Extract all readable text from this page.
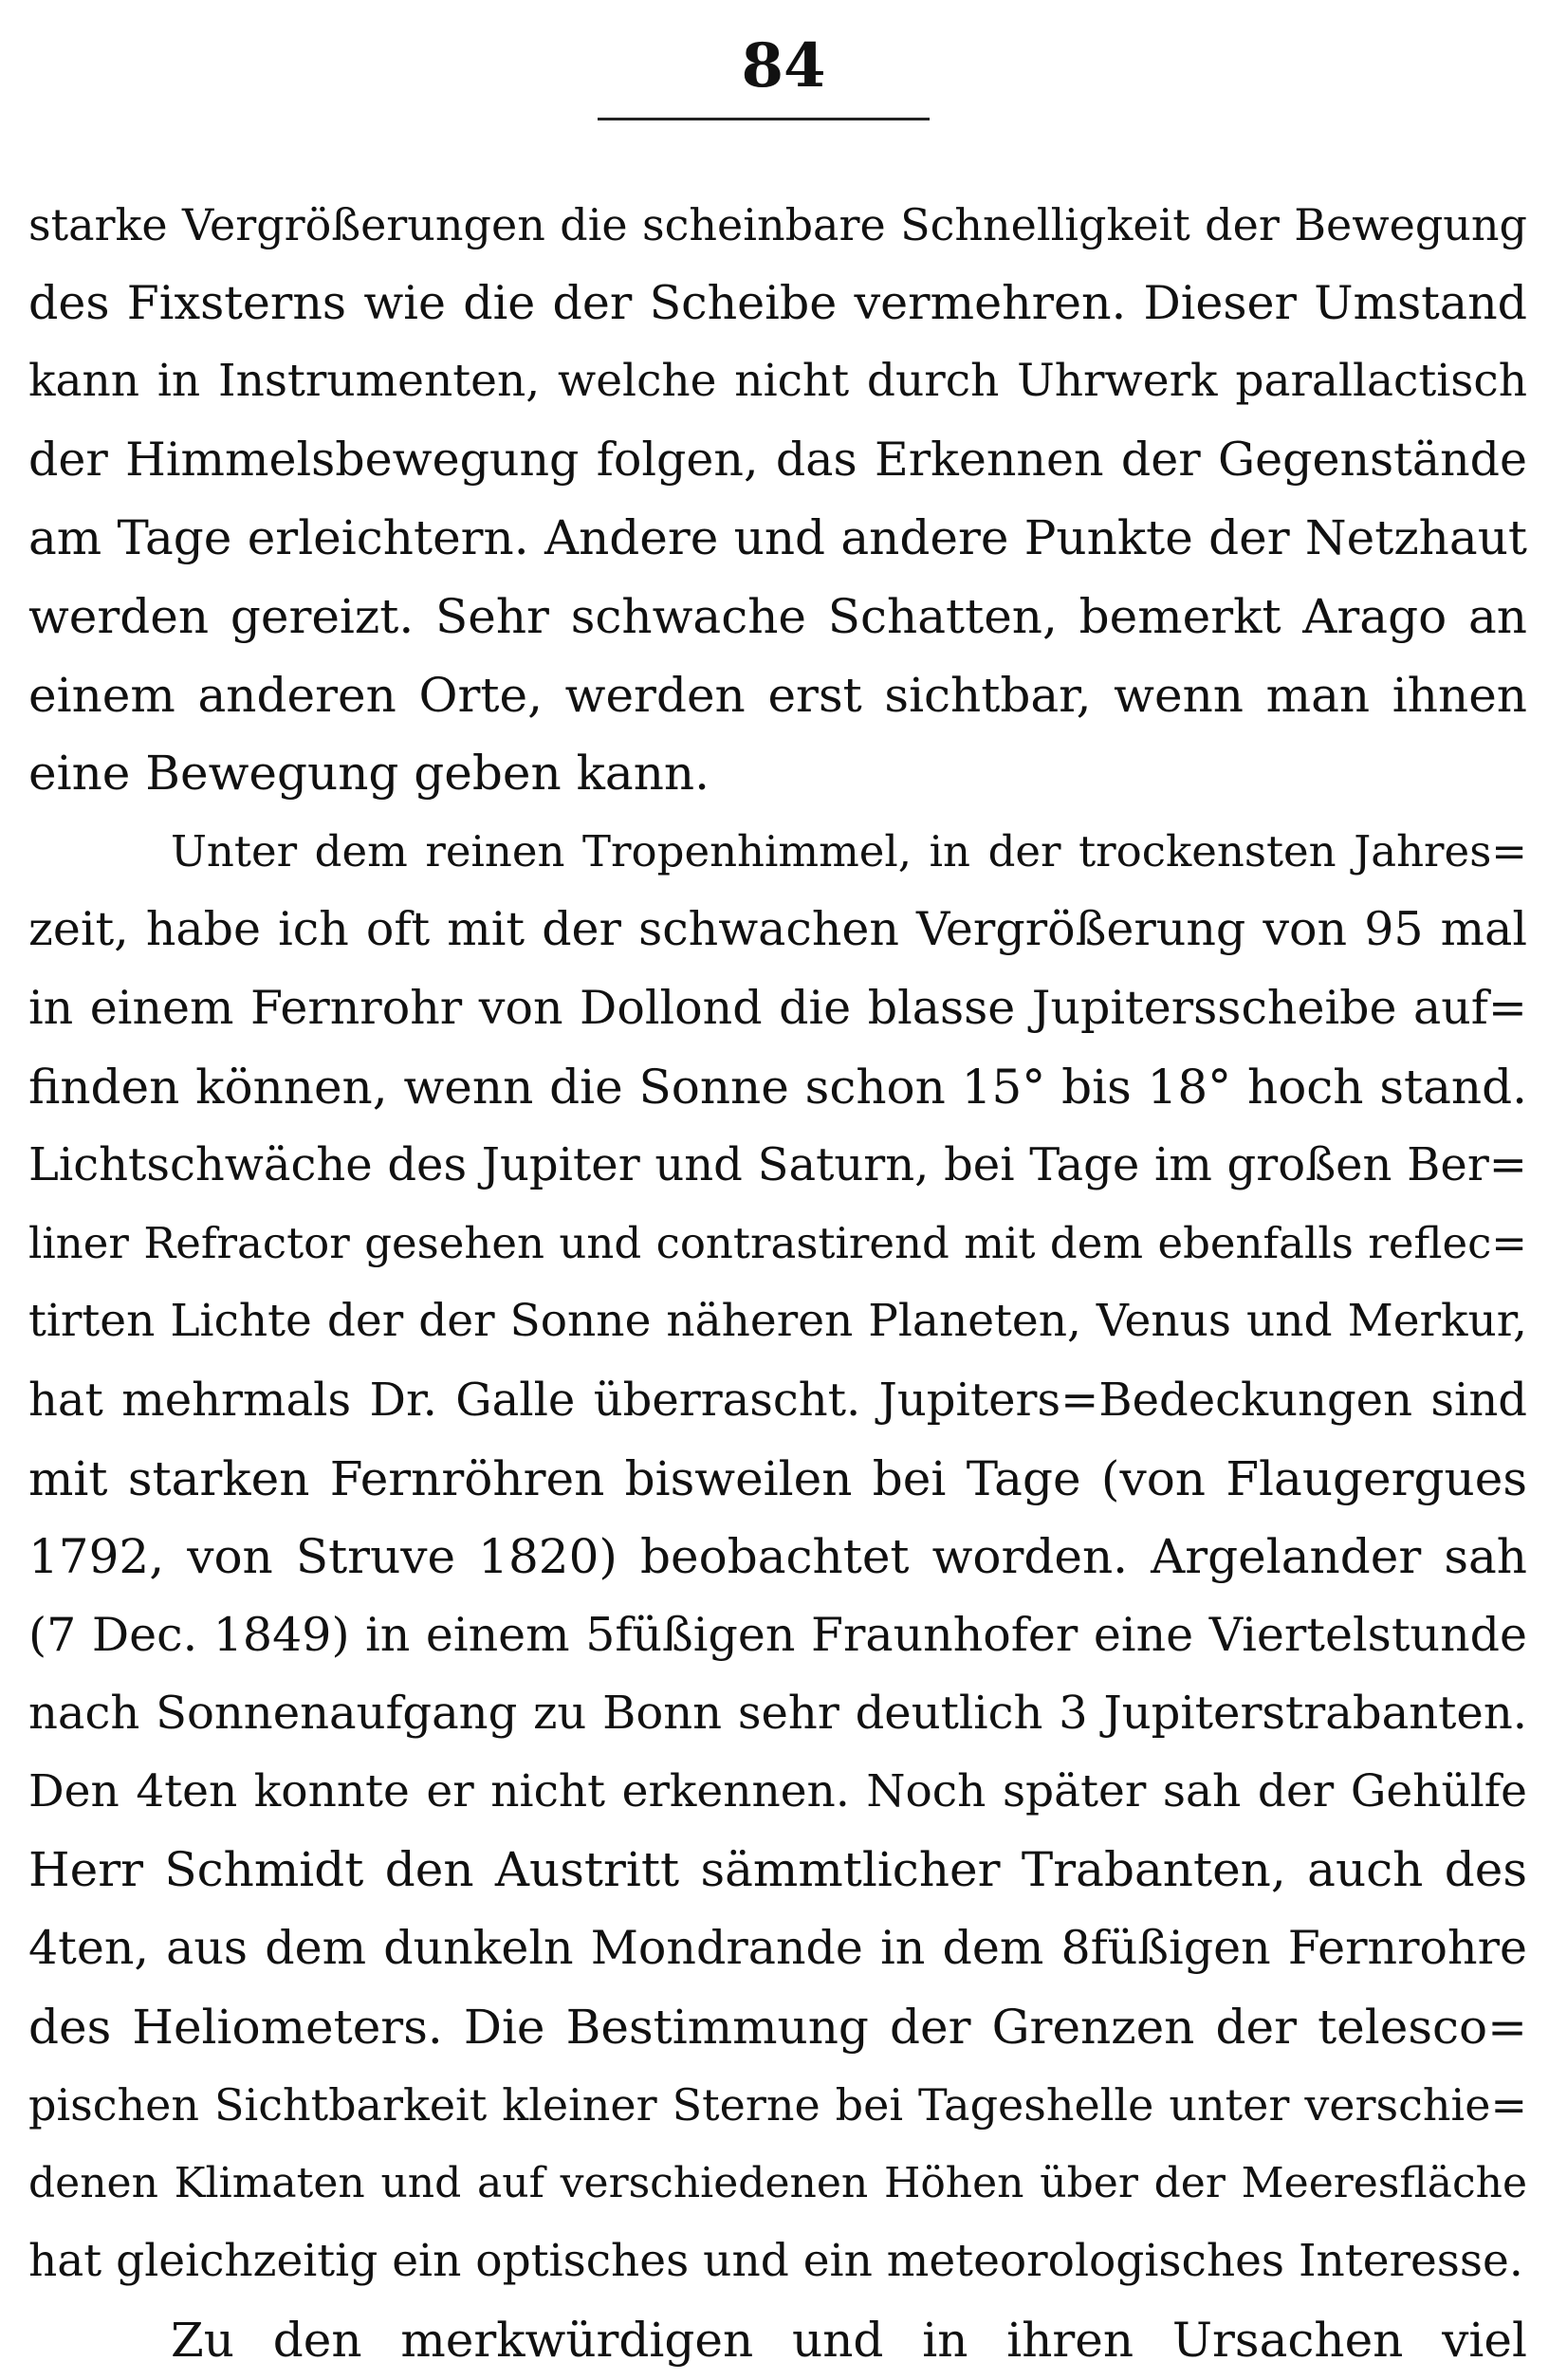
84
starke Vergrößerungen die scheinbare Schnelligkeit der Bewegung
des Fixsterns wie die der Scheibe vermehren. Dieser Umstand
kann in Instrumenten, welche nicht durch Uhrwerk parallactisch
der Himmelsbewegung folgen, das Erkennen der Gegenstände
am Tage erleichtern. Andere und andere Punkte der Netzhaut
werden gereizt. Sehr schwache Schatten, bemerkt Arago an
einem anderen Orte, werden erst sichtbar, wenn man ihnen
eine Bewegung geben kann.
Unter dem reinen Tropenhimmel, in der trockensten Jahres=
zeit, habe ich oft mit der schwachen Vergrößerung von 95 mal
in einem Fernrohr von Dollond die blasse Jupitersscheibe auf=
finden können, wenn die Sonne schon 15° bis 18° hoch stand.
Lichtschwäche des Jupiter und Saturn, bei Tage im großen Ber=
liner Refractor gesehen und contrastirend mit dem ebenfalls reflec=
tirten Lichte der der Sonne näheren Planeten, Venus und Merkur,
hat mehrmals Dr. Galle überrascht. Jupiters=Bedeckungen sind
mit starken Fernröhren bisweilen bei Tage (von Flaugergues
1792, von Struve 1820) beobachtet worden. Argelander sah
(7 Dec. 1849) in einem 5füßigen Fraunhofer eine Viertelstunde
nach Sonnenaufgang zu Bonn sehr deutlich 3 Jupiterstrabanten.
Den 4ten konnte er nicht erkennen. Noch später sah der Gehülfe
Herr Schmidt den Austritt sämmtlicher Trabanten, auch des
4ten, aus dem dunkeln Mondrande in dem 8füßigen Fernrohre
des Heliometers. Die Bestimmung der Grenzen der telesco=
pischen Sichtbarkeit kleiner Sterne bei Tageshelle unter verschie=
denen Klimaten und auf verschiedenen Höhen über der Meeresfläche
hat gleichzeitig ein optisches und ein meteorologisches Interesse.
Zu den merkwürdigen und in ihren Ursachen viel
